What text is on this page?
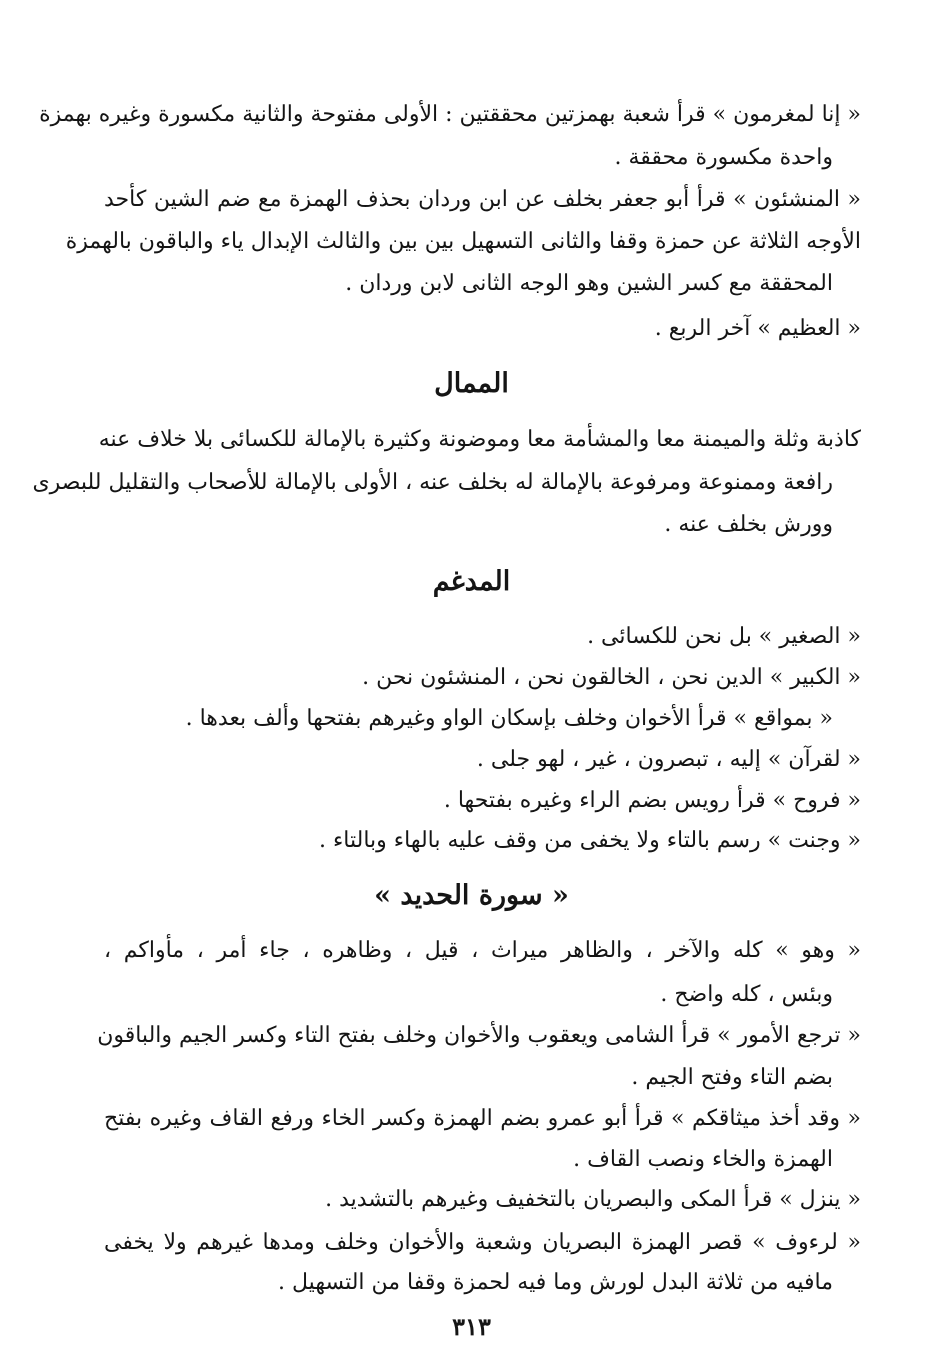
« إنا لمغرمون » قرأ شعبة بهمزتين محققتين : الأولى مفتوحة والثانية مكسورة وغيره بهمزة
واحدة مكسورة محققة .
« المنشئون » قرأ أبو جعفر بخلف عن ابن وردان بحذف الهمزة مع ضم الشين كأحد
الأوجه الثلاثة عن حمزة وقفا والثانى التسهيل بين بين والثالث الإبدال ياء والباقون بالهمزة
المحققة مع كسر الشين وهو الوجه الثانى لابن وردان .
« العظيم » آخر الربع .
الممال
كاذبة وثلة والميمنة معا والمشأمة معا وموضونة وكثيرة بالإمالة للكسائى بلا خلاف عنه
رافعة وممنوعة ومرفوعة بالإمالة له بخلف عنه ، الأولى بالإمالة للأصحاب والتقليل للبصرى
وورش بخلف عنه .
المدغم
« الصغير » بل نحن للكسائى .
« الكبير » الدين نحن ، الخالقون نحن ، المنشئون نحن .
« بمواقع » قرأ الأخوان وخلف بإسكان الواو وغيرهم بفتحها وألف بعدها .
« لقرآن » إليه ، تبصرون ، غير ، لهو جلى .
« فروح » قرأ رويس بضم الراء وغيره بفتحها .
« وجنت » رسم بالتاء ولا يخفى من وقف عليه بالهاء وبالتاء .
« سورة الحديد »
« وهو » كله والآخر ، والظاهر ميراث ، قيل ، وظاهره ، جاء أمر ، مأواكم ،
وبئس ، كله واضح .
« ترجع الأمور » قرأ الشامى ويعقوب والأخوان وخلف بفتح التاء وكسر الجيم والباقون
بضم التاء وفتح الجيم .
« وقد أخذ ميثاقكم » قرأ أبو عمرو بضم الهمزة وكسر الخاء ورفع القاف وغيره بفتح
الهمزة والخاء ونصب القاف .
« ينزل » قرأ المكى والبصريان بالتخفيف وغيرهم بالتشديد .
« لرءوف » قصر الهمزة البصريان وشعبة والأخوان وخلف ومدها غيرهم ولا يخفى
مافيه من ثلاثة البدل لورش وما فيه لحمزة وقفا من التسهيل .
٣١٣
